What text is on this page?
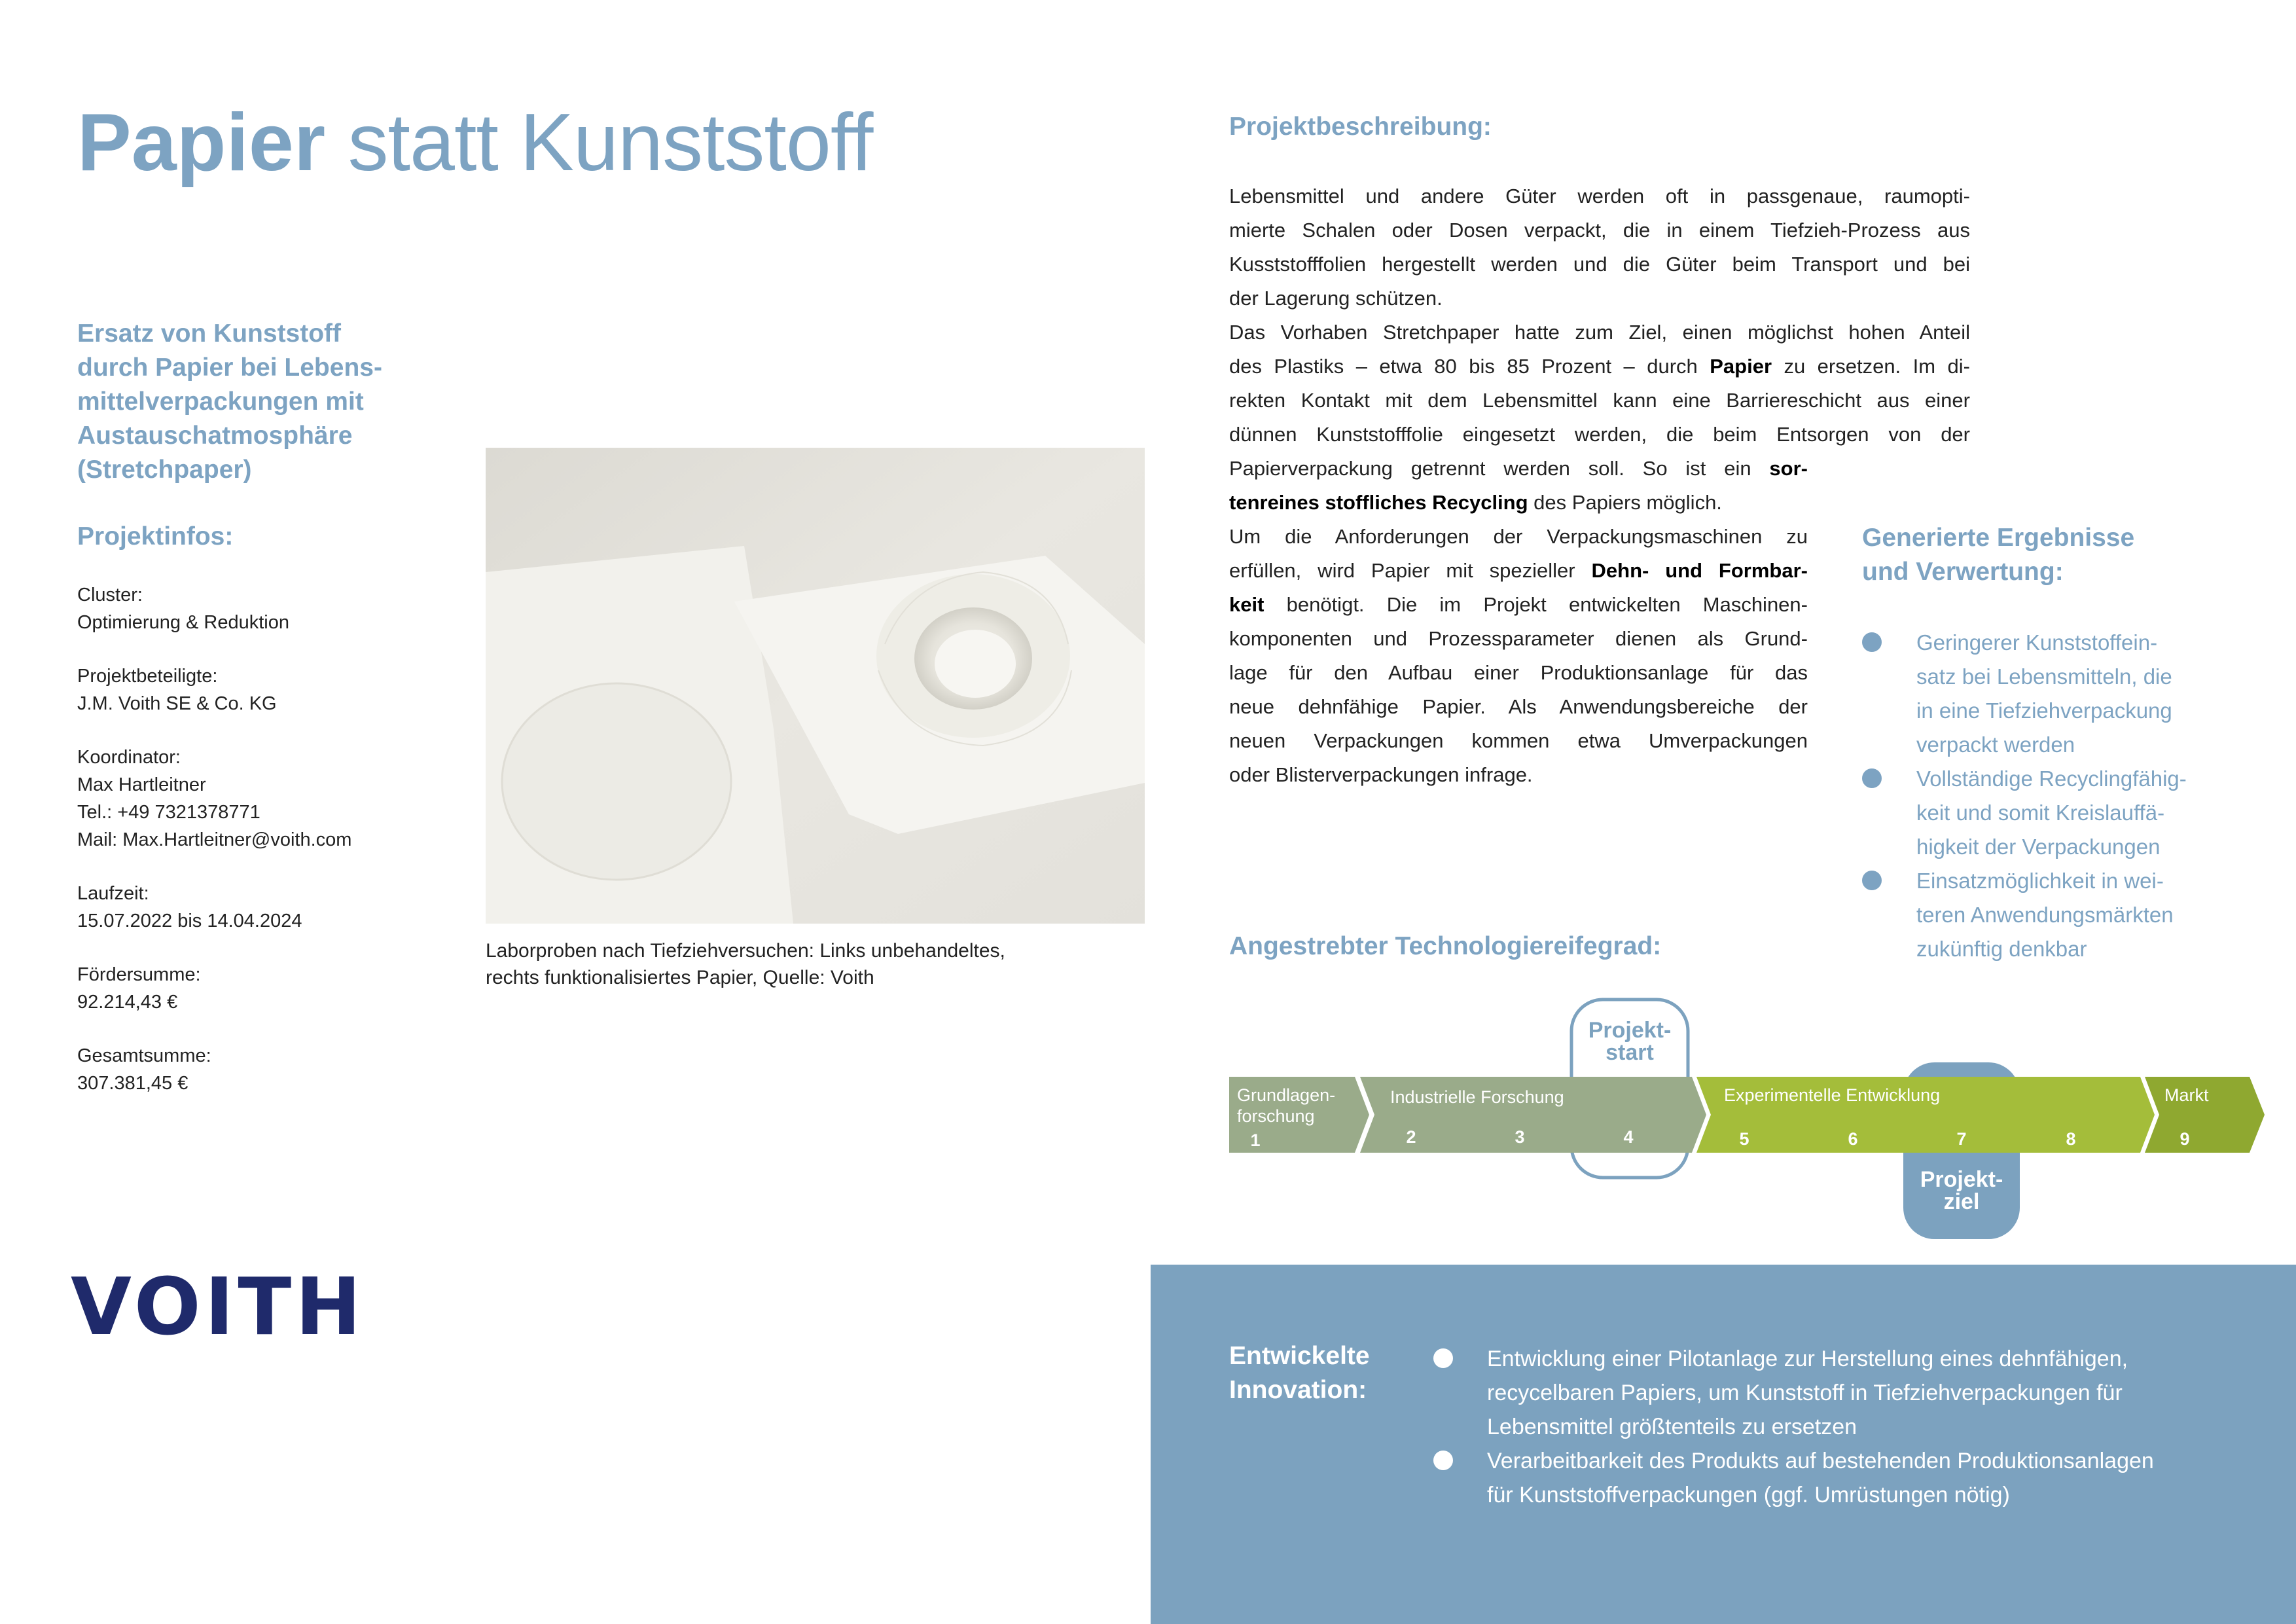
Papier statt Kunststoff
Ersatz von Kunststoff
durch Papier bei Lebens-
mittelverpackungen mit
Austauschatmosphäre
(Stretchpaper)
Projektinfos:
Cluster:
Optimierung & Reduktion
Projektbeteiligte:
J.M. Voith SE & Co. KG
Koordinator:
Max Hartleitner
Tel.: +49 7321378771
Mail: Max.Hartleitner@voith.com
Laufzeit:
15.07.2022 bis 14.04.2024
Fördersumme:
92.214,43 €
Gesamtsumme:
307.381,45 €
Laborproben nach Tiefziehversuchen: Links unbehandeltes,
rechts funktionalisiertes Papier, Quelle: Voith
Projektbeschreibung:
Lebensmittel und andere Güter werden oft in passgenaue, raumopti-
mierte Schalen oder Dosen verpackt, die in einem Tiefzieh-Prozess aus
Kusststofffolien hergestellt werden und die Güter beim Transport und bei
der Lagerung schützen.
Das Vorhaben Stretchpaper hatte zum Ziel, einen möglichst hohen Anteil
des Plastiks – etwa 80 bis 85 Prozent – durch Papier zu ersetzen. Im di-
rekten Kontakt mit dem Lebensmittel kann eine Barriereschicht aus einer
dünnen Kunststofffolie eingesetzt werden, die beim Entsorgen von der
Papierverpackung getrennt werden soll. So ist ein sor-
tenreines stoffliches Recycling des Papiers möglich.
Um die Anforderungen der Verpackungsmaschinen zu
erfüllen, wird Papier mit spezieller Dehn- und Formbar-
keit benötigt. Die im Projekt entwickelten Maschinen-
komponenten und Prozessparameter dienen als Grund-
lage für den Aufbau einer Produktionsanlage für das
neue dehnfähige Papier. Als Anwendungsbereiche der
neuen Verpackungen kommen etwa Umverpackungen
oder Blisterverpackungen infrage.
Generierte Ergebnisse
und Verwertung:
Geringerer Kunststoffein-
satz bei Lebensmitteln, die
in eine Tiefziehverpackung
verpackt werden
Vollständige Recyclingfähig-
keit und somit Kreislauffä-
higkeit der Verpackungen
Einsatzmöglichkeit in wei-
teren Anwendungsmärkten
zukünftig denkbar
Angestrebter Technologiereifegrad:
Grundlagen-
forschung
Industrielle Forschung	Experimentelle Entwicklung	Markt
1	2	3	4	5	6	7	8	9
Projekt-
start
Projekt-
ziel
VOITH
Entwickelte
Innovation:
Entwicklung einer Pilotanlage zur Herstellung eines dehnfähigen,
recycelbaren Papiers, um Kunststoff in Tiefziehverpackungen für
Lebensmittel größtenteils zu ersetzen
Verarbeitbarkeit des Produkts auf bestehenden Produktionsanlagen
für Kunststoffverpackungen (ggf. Umrüstungen nötig)
